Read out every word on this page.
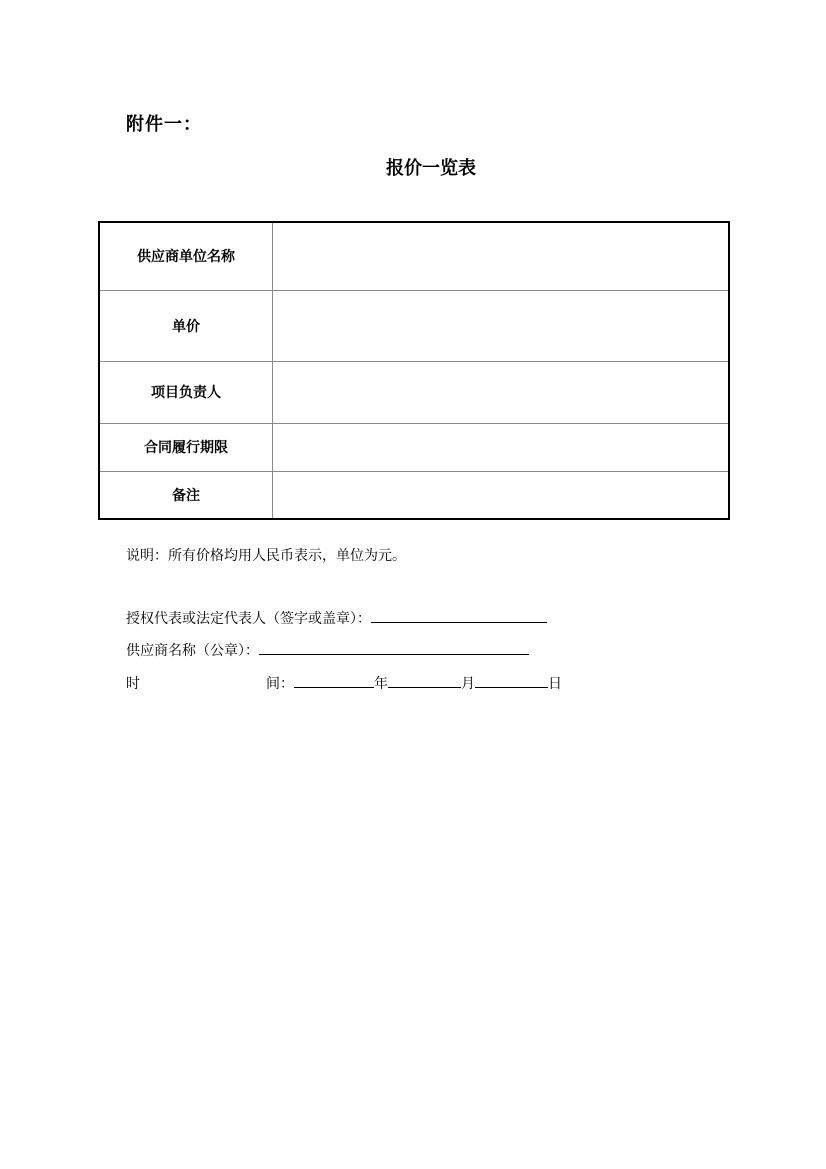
附件一：
报价一览表
供应商单位名称	
单价	
项目负责人	
合同履行期限	
备注	
说明：所有价格均用人民币表示，单位为元。
授权代表或法定代表人（签字或盖章）：
供应商名称（公章）：
时	间：	年	月	日
